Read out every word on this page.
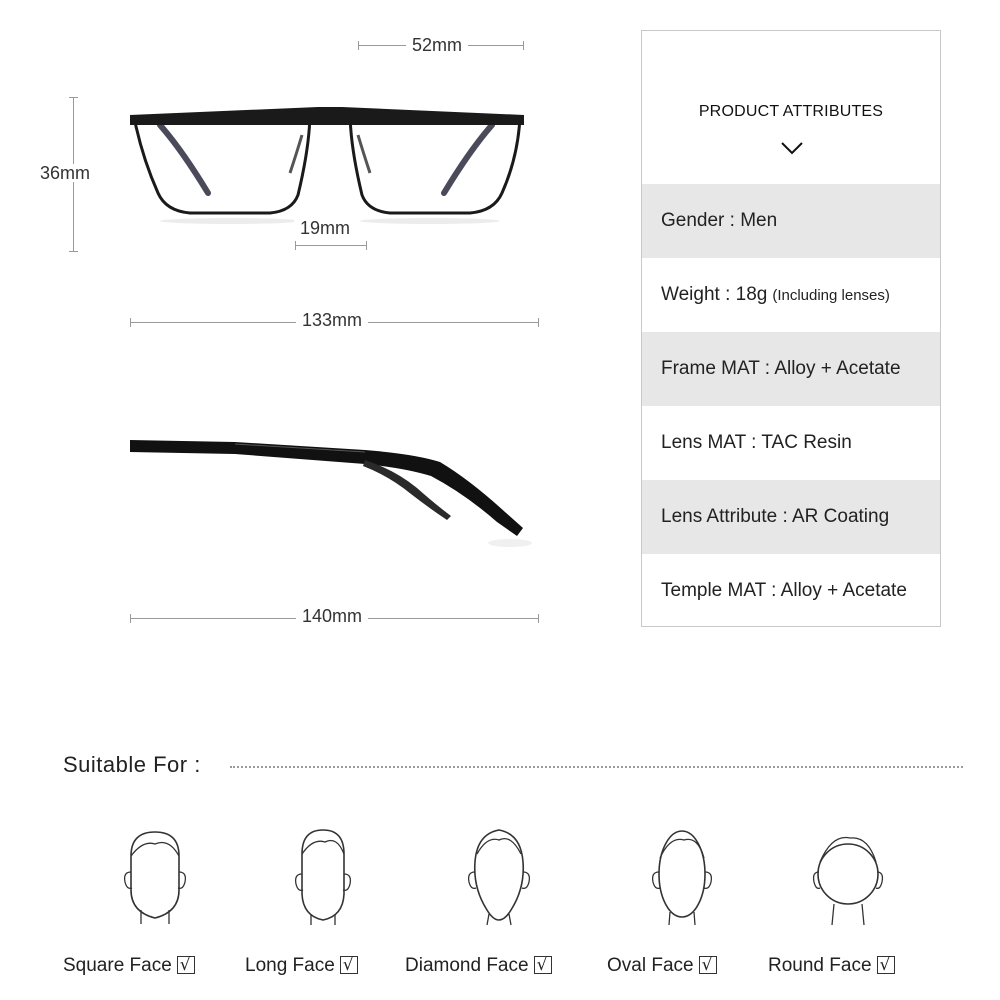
52mm
36mm
19mm
133mm
140mm
PRODUCT ATTRIBUTES
Gender : Men
Weight : 18g (Including lenses)
Frame MAT : Alloy + Acetate
Lens MAT : TAC Resin
Lens Attribute : AR Coating
Temple MAT : Alloy + Acetate
Suitable For :
Square Face √	Long Face √	Diamond Face √	Oval Face √	Round Face√
